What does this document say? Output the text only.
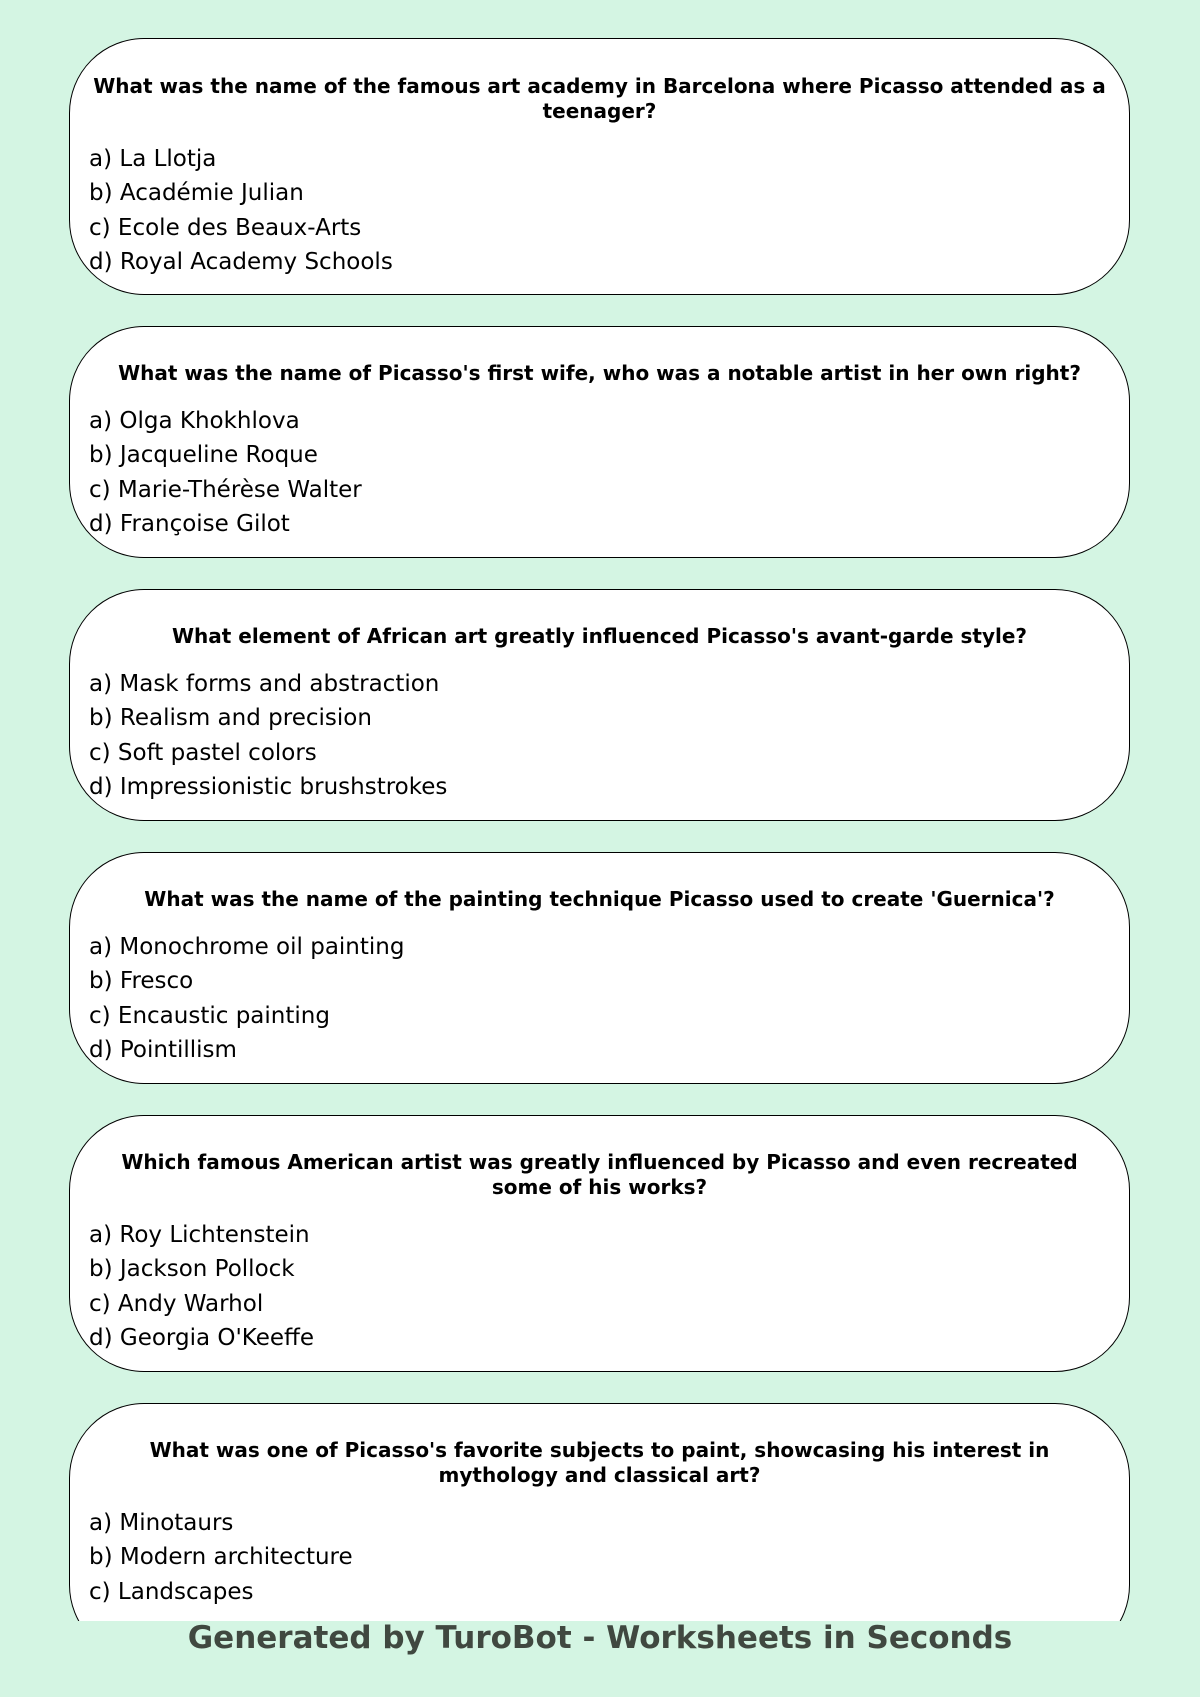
What was the name of the famous art academy in Barcelona where Picasso attended as a teenager?

a) La Llotja
b) Académie Julian
c) Ecole des Beaux-Arts
d) Royal Academy Schools

What was the name of Picasso's first wife, who was a notable artist in her own right?

a) Olga Khokhlova
b) Jacqueline Roque
c) Marie-Thérèse Walter
d) Françoise Gilot

What element of African art greatly influenced Picasso's avant-garde style?

a) Mask forms and abstraction
b) Realism and precision
c) Soft pastel colors
d) Impressionistic brushstrokes

What was the name of the painting technique Picasso used to create 'Guernica'?

a) Monochrome oil painting
b) Fresco
c) Encaustic painting
d) Pointillism

Which famous American artist was greatly influenced by Picasso and even recreated some of his works?

a) Roy Lichtenstein
b) Jackson Pollock
c) Andy Warhol
d) Georgia O'Keeffe

What was one of Picasso's favorite subjects to paint, showcasing his interest in mythology and classical art?

a) Minotaurs
b) Modern architecture
c) Landscapes
Generated by TuroBot - Worksheets in Seconds
